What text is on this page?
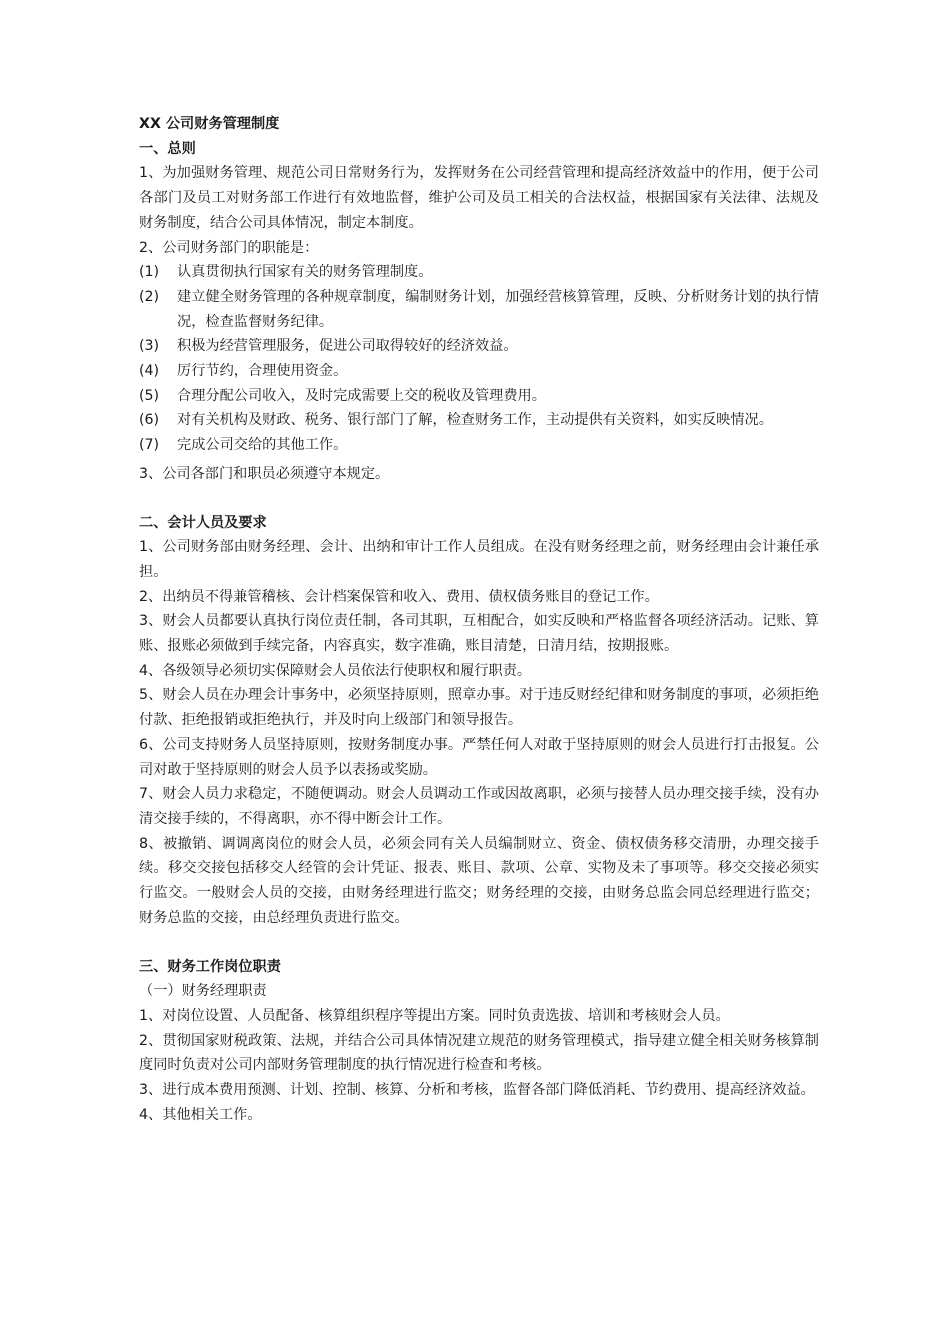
XX 公司财务管理制度
一、总则

1、为加强财务管理、规范公司日常财务行为，发挥财务在公司经营管理和提高经济效益中的作用，便于公司各部门及员工对财务部工作进行有效地监督，维护公司及员工相关的合法权益，根据国家有关法律、法规及财务制度，结合公司具体情况，制定本制度。

2、公司财务部门的职能是：

(1)	认真贯彻执行国家有关的财务管理制度。
(2)	建立健全财务管理的各种规章制度，编制财务计划，加强经营核算管理，反映、分析财务计划的执行情况，检查监督财务纪律。
(3)	积极为经营管理服务，促进公司取得较好的经济效益。
(4)	厉行节约，合理使用资金。
(5)	合理分配公司收入，及时完成需要上交的税收及管理费用。
(6)	对有关机构及财政、税务、银行部门了解，检查财务工作，主动提供有关资料，如实反映情况。
(7)	完成公司交给的其他工作。

3、公司各部门和职员必须遵守本规定。

二、会计人员及要求

1、公司财务部由财务经理、会计、出纳和审计工作人员组成。在没有财务经理之前，财务经理由会计兼任承担。

2、出纳员不得兼管稽核、会计档案保管和收入、费用、债权债务账目的登记工作。

3、财会人员都要认真执行岗位责任制，各司其职，互相配合，如实反映和严格监督各项经济活动。记账、算账、报账必须做到手续完备，内容真实，数字准确，账目清楚，日清月结，按期报账。

4、各级领导必须切实保障财会人员依法行使职权和履行职责。

5、财会人员在办理会计事务中，必须坚持原则，照章办事。对于违反财经纪律和财务制度的事项，必须拒绝付款、拒绝报销或拒绝执行，并及时向上级部门和领导报告。

6、公司支持财务人员坚持原则，按财务制度办事。严禁任何人对敢于坚持原则的财会人员进行打击报复。公司对敢于坚持原则的财会人员予以表扬或奖励。

7、财会人员力求稳定，不随便调动。财会人员调动工作或因故离职，必须与接替人员办理交接手续，没有办清交接手续的，不得离职，亦不得中断会计工作。

8、被撤销、调调离岗位的财会人员，必须会同有关人员编制财立、资金、债权债务移交清册，办理交接手续。移交交接包括移交人经管的会计凭证、报表、账目、款项、公章、实物及未了事项等。移交交接必须实行监交。一般财会人员的交接，由财务经理进行监交；财务经理的交接，由财务总监会同总经理进行监交；财务总监的交接，由总经理负责进行监交。

三、财务工作岗位职责

（一）财务经理职责

1、对岗位设置、人员配备、核算组织程序等提出方案。同时负责选拔、培训和考核财会人员。

2、贯彻国家财税政策、法规，并结合公司具体情况建立规范的财务管理模式，指导建立健全相关财务核算制度同时负责对公司内部财务管理制度的执行情况进行检查和考核。

3、进行成本费用预测、计划、控制、核算、分析和考核，监督各部门降低消耗、节约费用、提高经济效益。

4、其他相关工作。
